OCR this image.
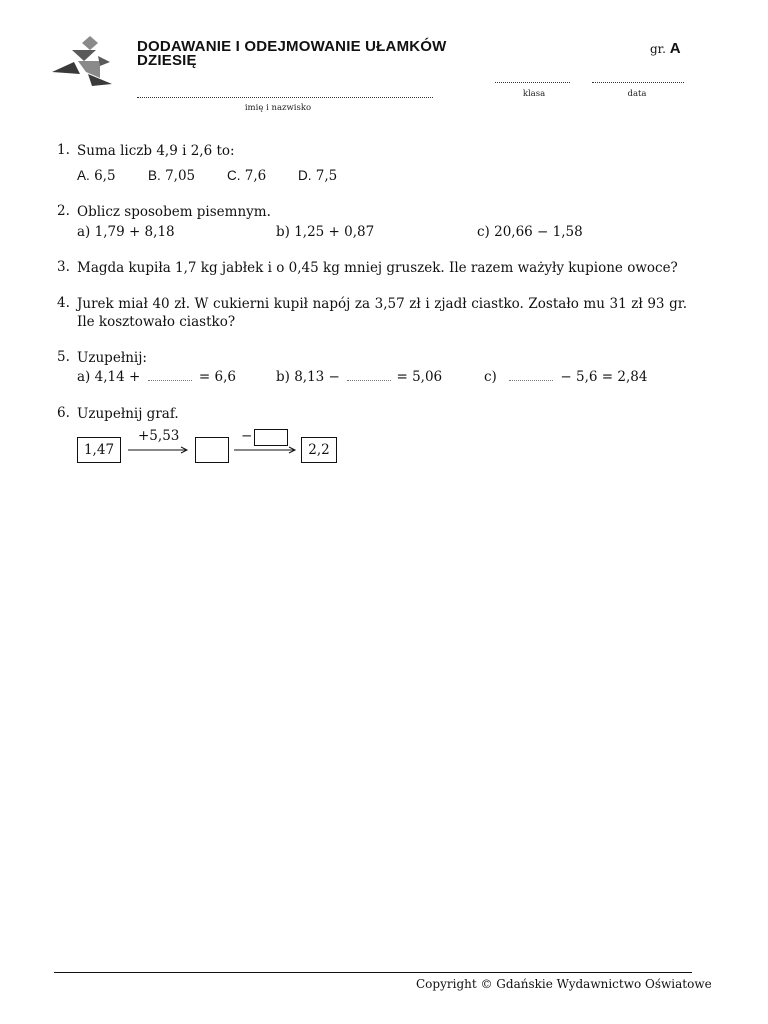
DODAWANIE I ODEJMOWANIE UŁAMKÓW
DZIESIĘ
gr. A
klasa	data
imię i nazwisko
1. Suma liczb 4,9 i 2,6 to:
A. 6,5 B. 7,05 C. 7,6 D. 7,5
2. Oblicz sposobem pisemnym.
a) 1,79 + 8,18	b) 1,25 + 0,87	c) 20,66 − 1,58
3. Magda kupiła 1,7 kg jabłek i o 0,45 kg mniej gruszek. Ile razem ważyły kupione owoce?
4. Jurek miał 40 zł. W cukierni kupił napój za 3,57 zł i zjadł ciastko. Zostało mu 31 zł 93 gr.
Ile kosztowało ciastko?
5. Uzupełnij:
a) 4,14 +	= 6,6	b) 8,13 −	= 5,06	c)	− 5,6 = 2,84
6. Uzupełnij graf.
1,47
+5,53	−
2,2
Copyright © Gdańskie Wydawnictwo Oświatowe
